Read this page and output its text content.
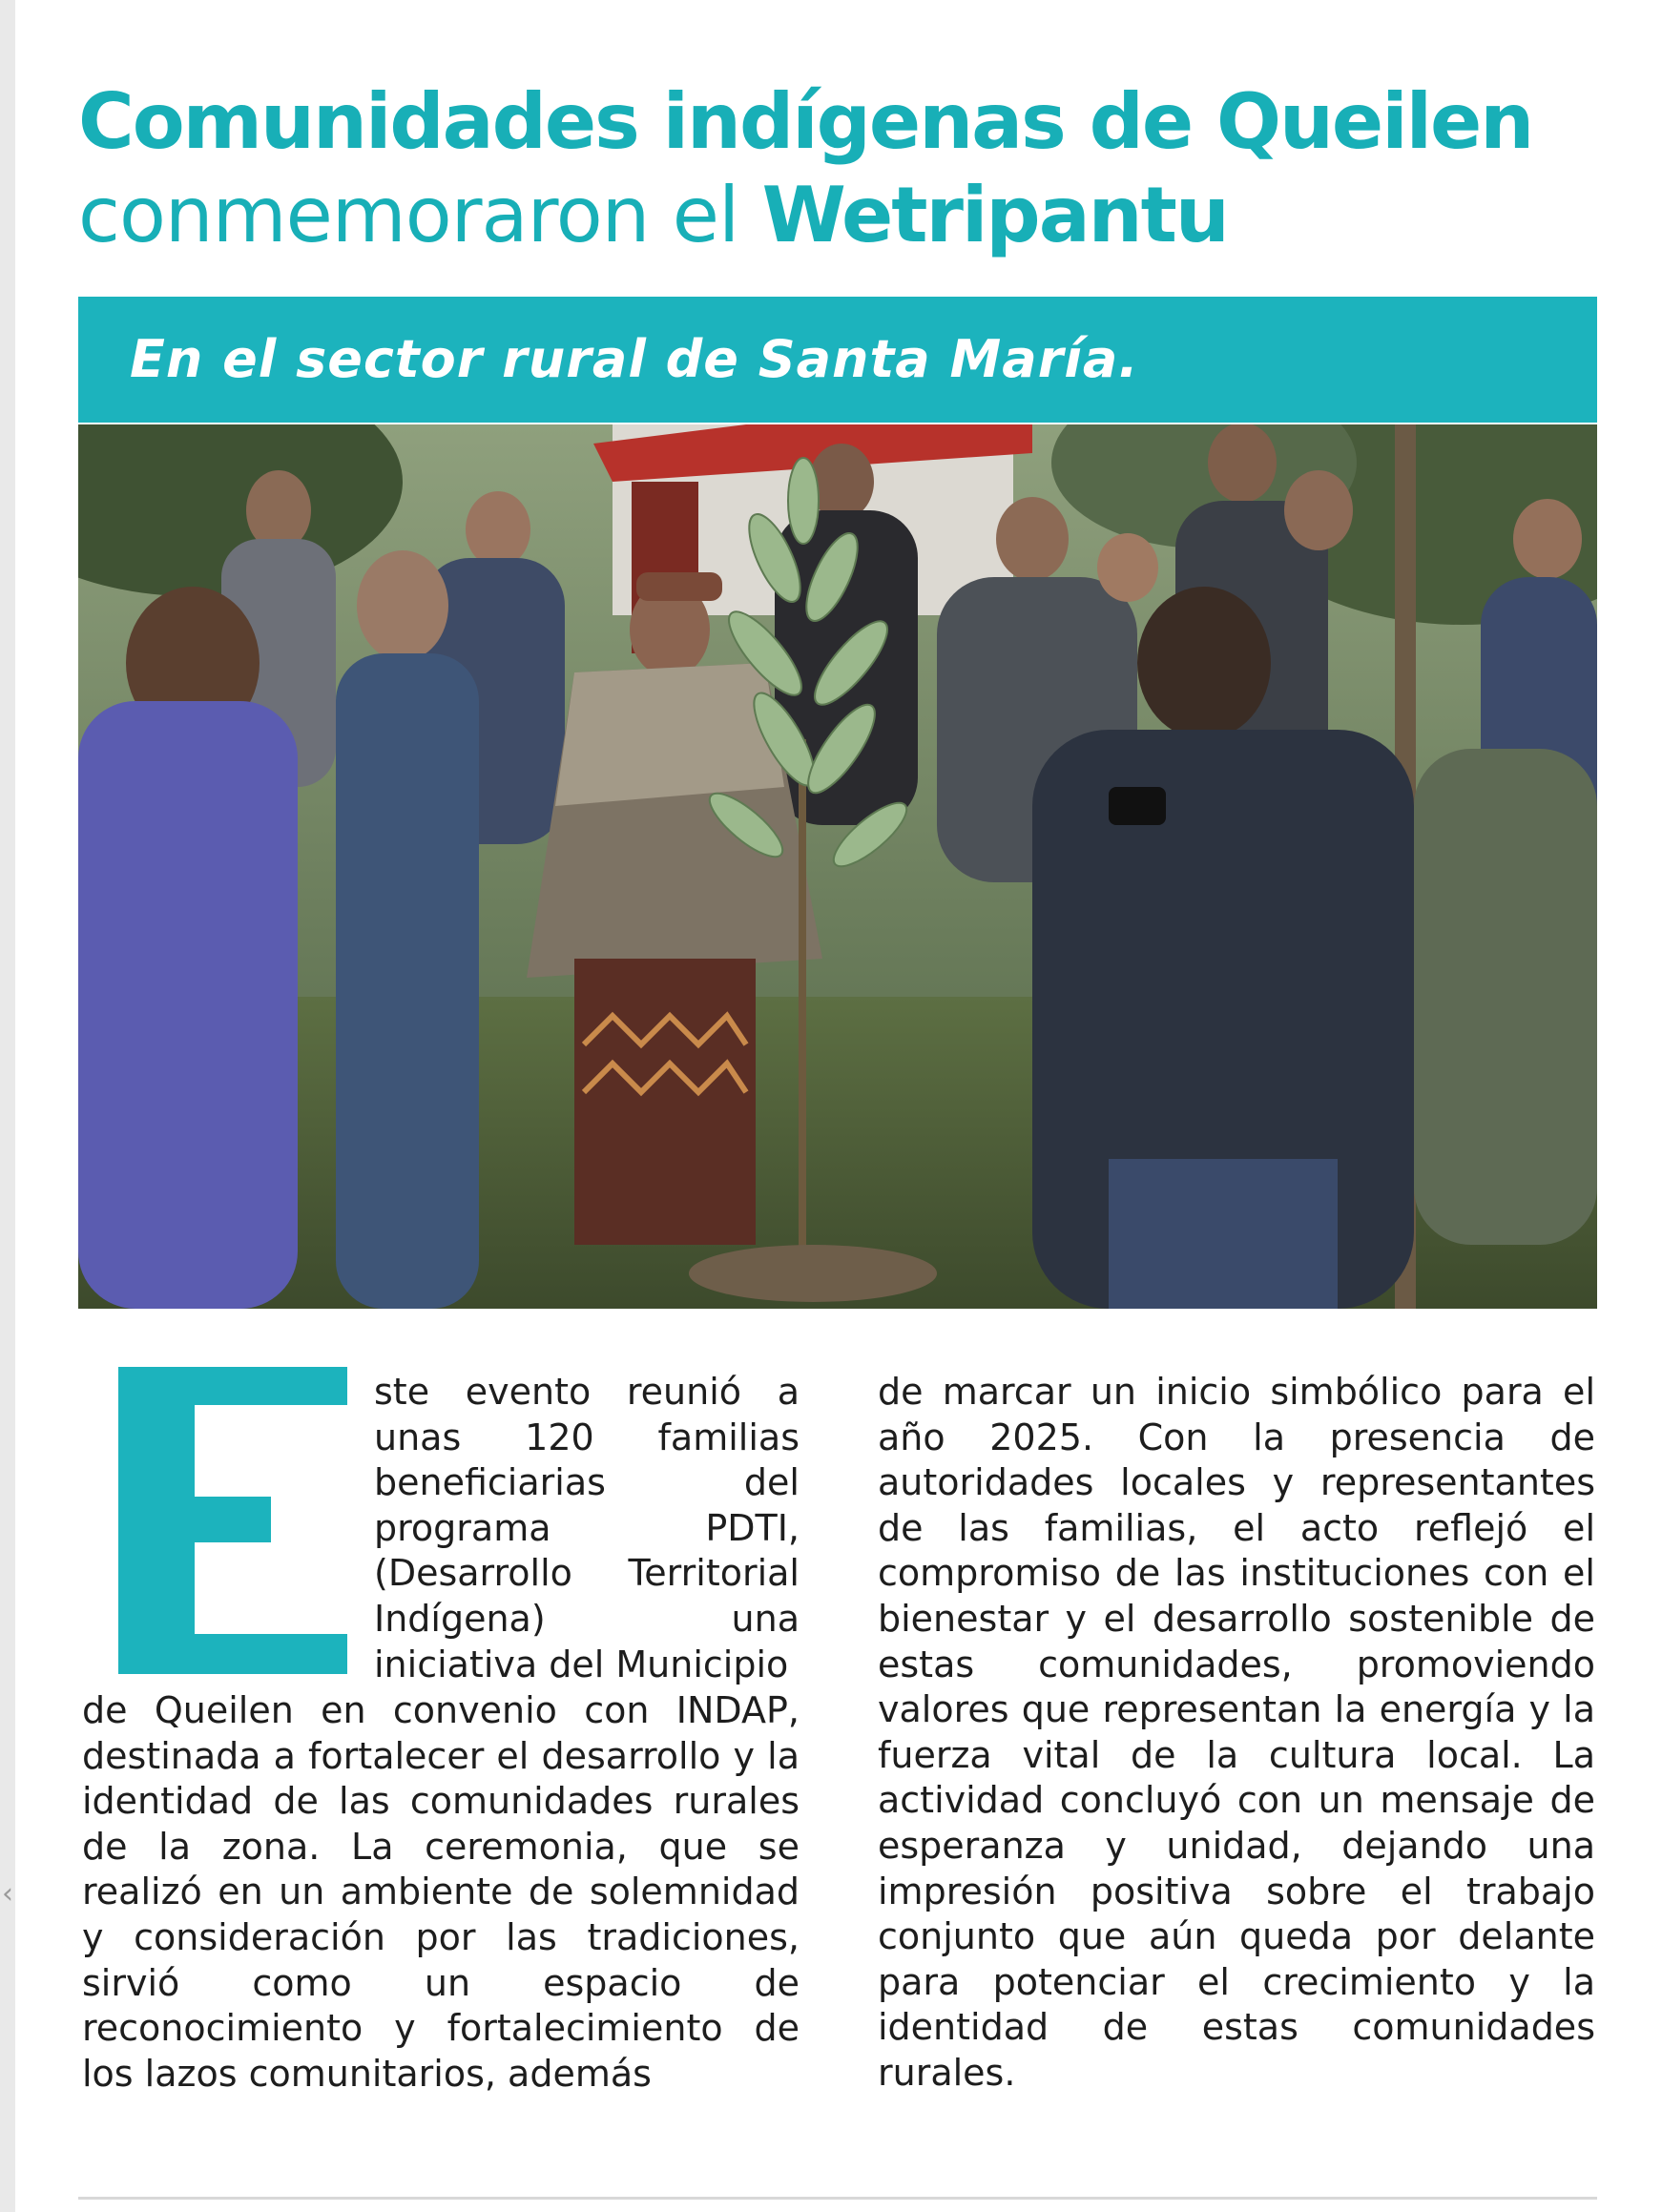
‹
Comunidades indígenas de Queilen
conmemoraron el Wetripantu
En el sector rural de Santa María.

ste evento reunió a unas 120 familias beneficiarias del programa PDTI, (Desarrollo Territorial Indígena) una iniciativa del Municipio

de Queilen en convenio con INDAP, destinada a fortalecer el desarrollo y la identidad de las comunidades rurales de la zona. La ceremonia, que se realizó en un ambiente de solemnidad y consideración por las tradiciones, sirvió como un espacio de reconocimiento y fortalecimiento de los lazos comunitarios, además

de marcar un inicio simbólico para el año 2025. Con la presencia de autoridades locales y representantes de las familias, el acto reflejó el compromiso de las instituciones con el bienestar y el desarrollo sostenible de estas comunidades, promoviendo valores que representan la energía y la fuerza vital de la cultura local. La actividad concluyó con un mensaje de esperanza y unidad, dejando una impresión positiva sobre el trabajo conjunto que aún queda por delante para potenciar el crecimiento y la identidad de estas comunidades rurales.
